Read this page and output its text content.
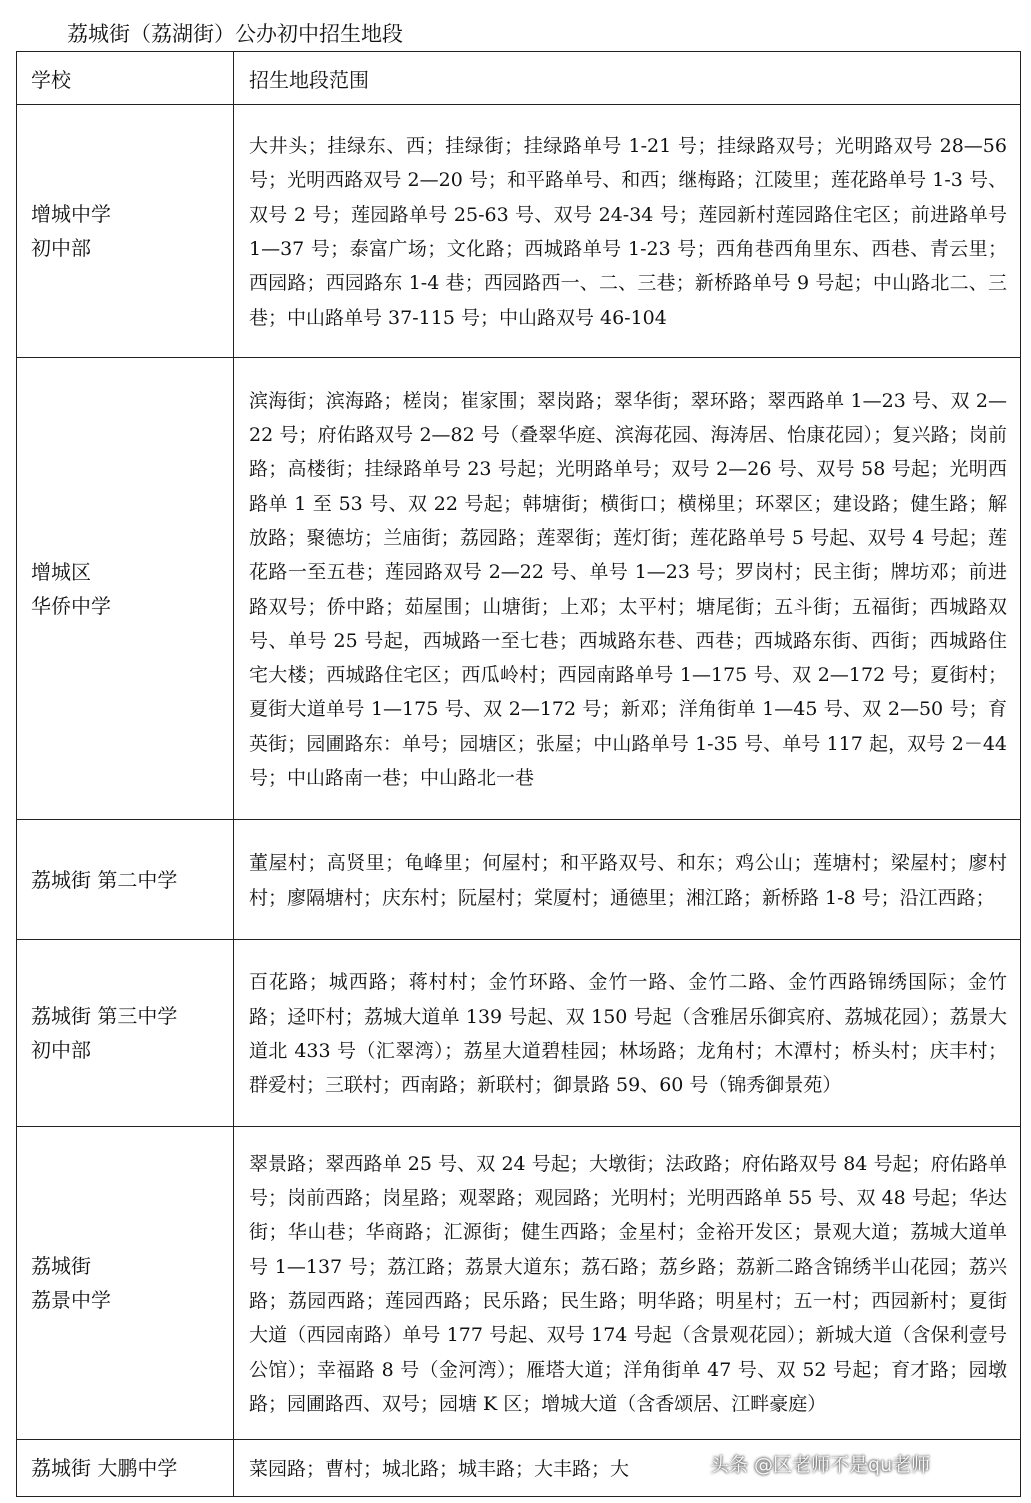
荔城街（荔湖街）公办初中招生地段
学校	招生地段范围

增城中学
初中部	大井头；挂绿东、西；挂绿街；挂绿路单号 1-21 号；挂绿路双号；光明路双号 28—56 号；光明西路双号 2—20 号；和平路单号、和西；继梅路；江陵里；莲花路单号 1-3 号、双号 2 号；莲园路单号 25-63 号、双号 24-34 号；莲园新村莲园路住宅区；前进路单号 1—37 号；泰富广场；文化路；西城路单号 1-23 号；西角巷西角里东、西巷、青云里；西园路；西园路东 1-4 巷；西园路西一、二、三巷；新桥路单号 9 号起；中山路北二、三巷；中山路单号 37-115 号；中山路双号 46-104

增城区
华侨中学	滨海街；滨海路；槎岗；崔家围；翠岗路；翠华街；翠环路；翠西路单 1—23 号、双 2—22 号；府佑路双号 2—82 号（叠翠华庭、滨海花园、海涛居、怡康花园）；复兴路；岗前路；高楼街；挂绿路单号 23 号起；光明路单号；双号 2—26 号、双号 58 号起；光明西路单 1 至 53 号、双 22 号起；韩塘街；横街口；横梯里；环翠区；建设路；健生路；解放路；聚德坊；兰庙街；荔园路；莲翠街；莲灯街；莲花路单号 5 号起、双号 4 号起；莲花路一至五巷；莲园路双号 2—22 号、单号 1—23 号；罗岗村；民主街；牌坊邓；前进路双号；侨中路；茹屋围；山塘街；上邓；太平村；塘尾街；五斗街；五福街；西城路双号、单号 25 号起，西城路一至七巷；西城路东巷、西巷；西城路东街、西街；西城路住宅大楼；西城路住宅区；西瓜岭村；西园南路单号 1—175 号、双 2—172 号；夏街村；夏街大道单号 1—175 号、双 2—172 号；新邓；洋角街单 1—45 号、双 2—50 号；育英街；园圃路东：单号；园塘区；张屋；中山路单号 1-35 号、单号 117 起，双号 2－44 号；中山路南一巷；中山路北一巷

荔城街 第二中学	董屋村；高贤里；龟峰里；何屋村；和平路双号、和东；鸡公山；莲塘村；梁屋村；廖村村；廖隔塘村；庆东村；阮屋村；棠厦村；通德里；湘江路；新桥路 1-8 号；沿江西路；

荔城街 第三中学
初中部	百花路；城西路；蒋村村；金竹环路、金竹一路、金竹二路、金竹西路锦绣国际；金竹路；迳吓村；荔城大道单 139 号起、双 150 号起（含雅居乐御宾府、荔城花园）；荔景大道北 433 号（汇翠湾）；荔星大道碧桂园；林场路；龙角村；木潭村；桥头村；庆丰村；群爱村；三联村；西南路；新联村；御景路 59、60 号（锦秀御景苑）

荔城街
荔景中学	翠景路；翠西路单 25 号、双 24 号起；大墩街；法政路；府佑路双号 84 号起；府佑路单号；岗前西路；岗星路；观翠路；观园路；光明村；光明西路单 55 号、双 48 号起；华达街；华山巷；华商路；汇源街；健生西路；金星村；金裕开发区；景观大道；荔城大道单号 1—137 号；荔江路；荔景大道东；荔石路；荔乡路；荔新二路含锦绣半山花园；荔兴路；荔园西路；莲园西路；民乐路；民生路；明华路；明星村；五一村；西园新村；夏街大道（西园南路）单号 177 号起、双号 174 号起（含景观花园）；新城大道（含保利壹号公馆）；幸福路 8 号（金河湾）；雁塔大道；洋角街单 47 号、双 52 号起；育才路；园墩路；园圃路西、双号；园塘 K 区；增城大道（含香颂居、江畔豪庭）

荔城街 大鹏中学	菜园路；曹村；城北路；城丰路；大丰路；大	头条 @区老师不是qu老师
